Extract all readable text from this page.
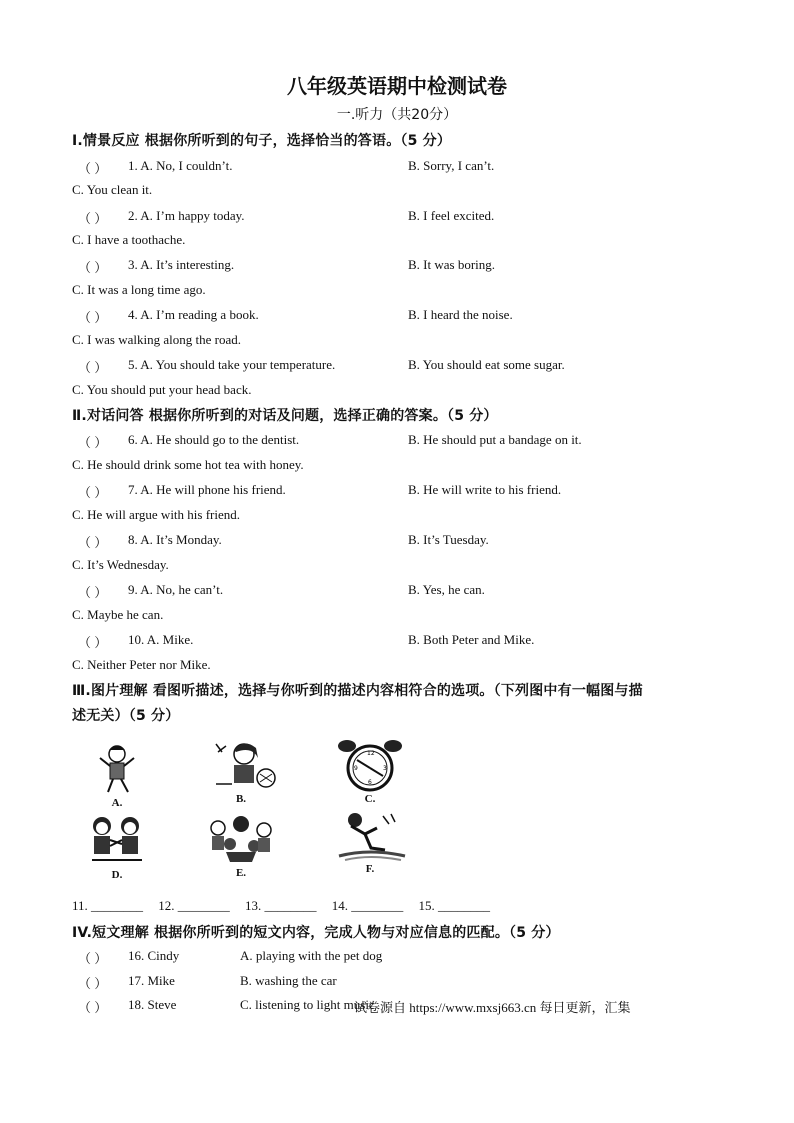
八年级英语期中检测试卷
一.听力（共20分）
I.情景反应 根据你所听到的句子，选择恰当的答语。（5 分）
（ ） 1. A. No, I couldn’t.	B. Sorry, I can’t.
C. You clean it.
（ ） 2. A. I’m happy today.	B. I feel excited.
C. I have a toothache.
（ ） 3. A. It’s interesting.	B. It was boring.
C. It was a long time ago.
（ ） 4. A. I’m reading a book.	B. I heard the noise.
C. I was walking along the road.
（ ） 5. A. You should take your temperature.	B. You should eat some sugar.
C. You should put your head back.
Ⅱ.对话问答 根据你所听到的对话及问题，选择正确的答案。（5 分）
（ ） 6. A. He should go to the dentist.	B. He should put a bandage on it.
C. He should drink some hot tea with honey.
（ ） 7. A. He will phone his friend.	B. He will write to his friend.
C. He will argue with his friend.
（ ） 8. A. It’s Monday.	B. It’s Tuesday.
C. It’s Wednesday.
（ ） 9. A. No, he can’t.	B. Yes, he can.
C. Maybe he can.
（ ） 10. A. Mike.	B. Both Peter and Mike.
C. Neither Peter nor Mike.
Ⅲ.图片理解 看图听描述，选择与你听到的描述内容相符合的选项。（下列图中有一幅图与描
述无关）（5 分）
A.	B.
12
3
9
6
C.
D.	E.	F.
11. ________ 12. ________ 13. ________ 14. ________ 15. ________
IV.短文理解 根据你所听到的短文内容，完成人物与对应信息的匹配。（5 分）
（ ） 16. Cindy	A. playing with the pet dog
（ ） 17. Mike	B. washing the car
（ ） 18. Steve	C. listening to light music
试卷源自 https://www.mxsj663.cn 每日更新，汇集
